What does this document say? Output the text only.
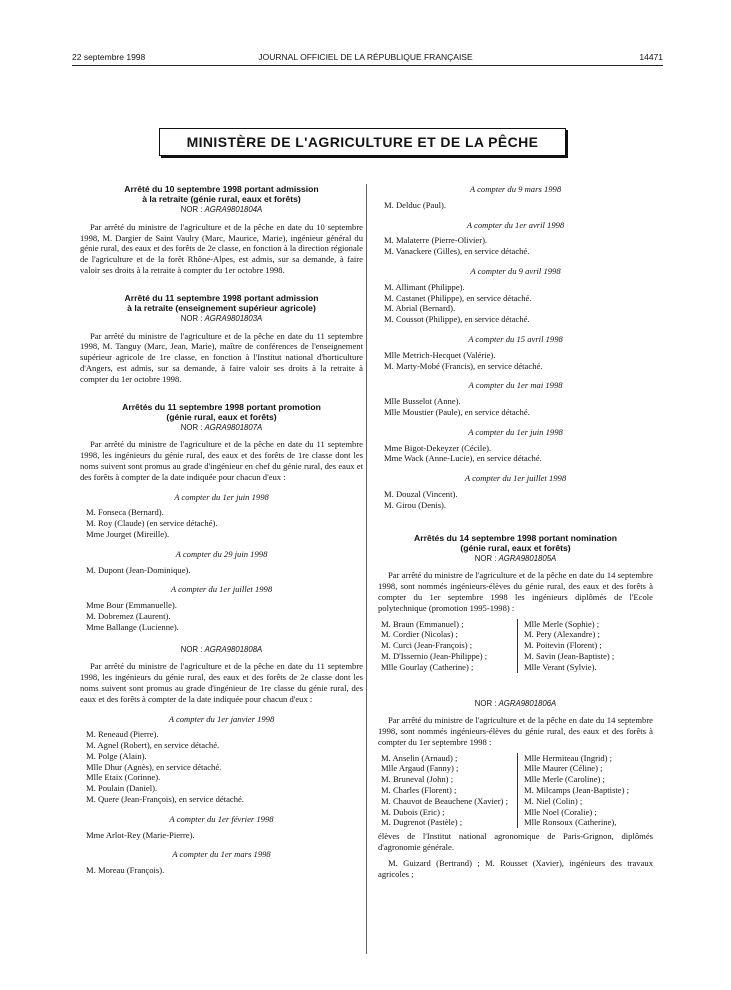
22 septembre 1998	JOURNAL OFFICIEL DE LA RÉPUBLIQUE FRANÇAISE	14471
MINISTÈRE DE L'AGRICULTURE ET DE LA PÊCHE

Arrêté du 10 septembre 1998 portant admission

à la retraite (génie rural, eaux et forêts)

NOR : AGRA9801804A

Par arrêté du ministre de l'agriculture et de la pêche en date du 10 septembre 1998, M. Dargier de Saint Vaulry (Marc, Maurice, Marie), ingénieur général du génie rural, des eaux et des forêts de 2e classe, en fonction à la direction régionale de l'agriculture et de la forêt Rhône-Alpes, est admis, sur sa demande, à faire valoir ses droits à la retraite à compter du 1er octobre 1998.

Arrêté du 11 septembre 1998 portant admission

à la retraite (enseignement supérieur agricole)

NOR : AGRA9801803A

Par arrêté du ministre de l'agriculture et de la pêche en date du 11 septembre 1998, M. Tanguy (Marc, Jean, Marie), maître de conférences de l'enseignement supérieur agricole de 1re classe, en fonction à l'Institut national d'horticulture d'Angers, est admis, sur sa demande, à faire valoir ses droits à la retraite à compter du 1er octobre 1998.

Arrêtés du 11 septembre 1998 portant promotion

(génie rural, eaux et forêts)

NOR : AGRA9801807A

Par arrêté du ministre de l'agriculture et de la pêche en date du 11 septembre 1998, les ingénieurs du génie rural, des eaux et des forêts de 1re classe dont les noms suivent sont promus au grade d'ingénieur en chef du génie rural, des eaux et des forêts à compter de la date indiquée pour chacun d'eux :

A compter du 1er juin 1998

M. Fonseca (Bernard).
M. Roy (Claude) (en service détaché).
Mme Jourget (Mireille).

A compter du 29 juin 1998

M. Dupont (Jean-Dominique).

A compter du 1er juillet 1998

Mme Bour (Emmanuelle).
M. Dobremez (Laurent).
Mme Ballange (Lucienne).

NOR : AGRA9801808A

Par arrêté du ministre de l'agriculture et de la pêche en date du 11 septembre 1998, les ingénieurs du génie rural, des eaux et des forêts de 2e classe dont les noms suivent sont promus au grade d'ingénieur de 1re classe du génie rural, des eaux et des forêts à compter de la date indiquée pour chacun d'eux :

A compter du 1er janvier 1998

M. Reneaud (Pierre).
M. Agnel (Robert), en service détaché.
M. Polge (Alain).
Mlle Dhur (Agnès), en service détaché.
Mlle Etaix (Corinne).
M. Poulain (Daniel).
M. Quere (Jean-François), en service détaché.

A compter du 1er février 1998

Mme Arlot-Rey (Marie-Pierre).

A compter du 1er mars 1998

M. Moreau (François).

A compter du 9 mars 1998

M. Delduc (Paul).

A compter du 1er avril 1998

M. Malaterre (Pierre-Olivier).
M. Vanackere (Gilles), en service détaché.

A compter du 9 avril 1998

M. Allimant (Philippe).
M. Castanet (Philippe), en service détaché.
M. Abrial (Bernard).
M. Coussot (Philippe), en service détaché.

A compter du 15 avril 1998

Mlle Metrich-Hecquet (Valérie).
M. Marty-Mobé (Francis), en service détaché.

A compter du 1er mai 1998

Mlle Busselot (Anne).
Mlle Moustier (Paule), en service détaché.

A compter du 1er juin 1998

Mme Bigot-Dekeyzer (Cécile).
Mme Wack (Anne-Lucie), en service détaché.

A compter du 1er juillet 1998

M. Douzal (Vincent).
M. Girou (Denis).

Arrêtés du 14 septembre 1998 portant nomination

(génie rural, eaux et forêts)

NOR : AGRA9801805A

Par arrêté du ministre de l'agriculture et de la pêche en date du 14 septembre 1998, sont nommés ingénieurs-élèves du génie rural, des eaux et des forêts à compter du 1er septembre 1998 les ingénieurs diplômés de l'Ecole polytechnique (promotion 1995-1998) :

M. Braun (Emmanuel) ;
M. Cordier (Nicolas) ;
M. Curci (Jean-François) ;
M. D'Issernio (Jean-Philippe) ;
Mlle Gourlay (Catherine) ;
Mlle Merle (Sophie) ;
M. Pery (Alexandre) ;
M. Poitevin (Florent) ;
M. Savin (Jean-Baptiste) ;
Mlle Verant (Sylvie).

NOR : AGRA9801806A

Par arrêté du ministre de l'agriculture et de la pêche en date du 14 septembre 1998, sont nommés ingénieurs-élèves du génie rural, des eaux et des forêts à compter du 1er septembre 1998 :

M. Anselin (Arnaud) ;
Mlle Argaud (Fanny) ;
M. Bruneval (John) ;
M. Charles (Florent) ;
M. Chauvot de Beauchene (Xavier) ;
M. Dubois (Eric) ;
M. Dugrenot (Pastèle) ;
Mlle Hermiteau (Ingrid) ;
Mlle Maurer (Céline) ;
Mlle Merle (Caroline) ;
M. Milcamps (Jean-Baptiste) ;
M. Niel (Colin) ;
Mlle Noel (Coralie) ;
Mlle Ronsoux (Catherine),

élèves de l'Institut national agronomique de Paris-Grignon, diplômés d'agronomie générale.

M. Guizard (Bertrand) ; M. Rousset (Xavier), ingénieurs des travaux agricoles ;
